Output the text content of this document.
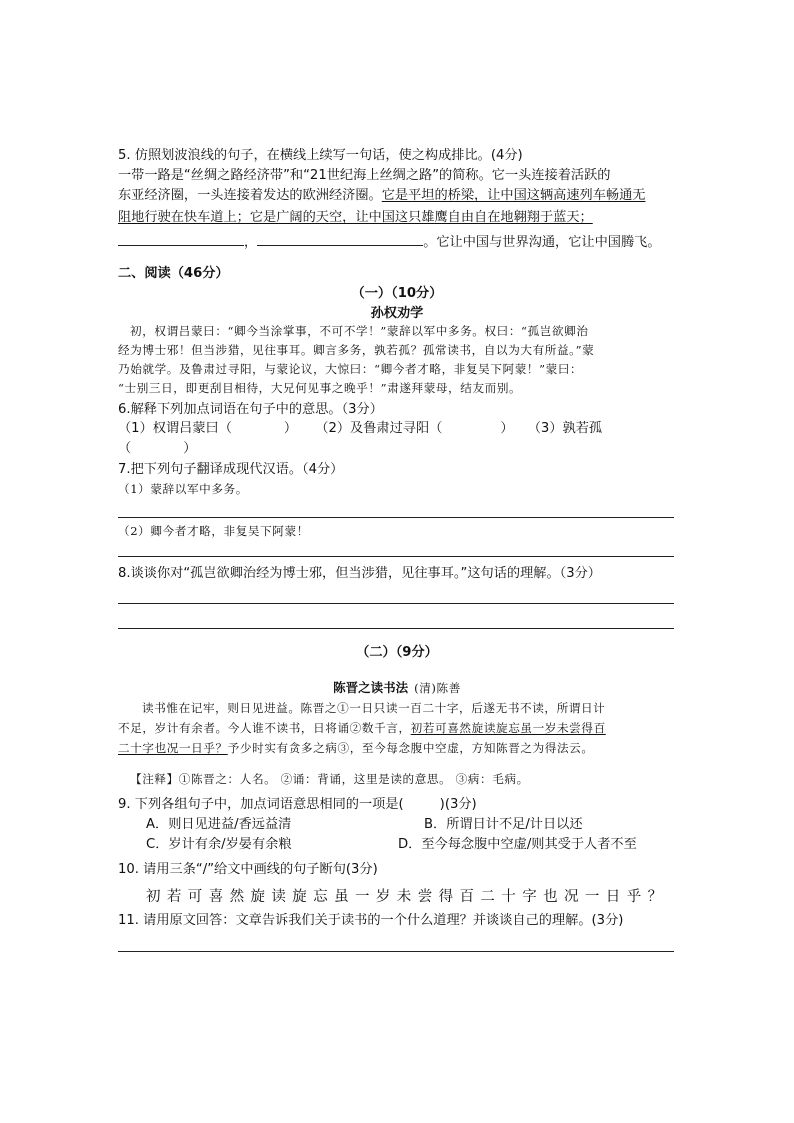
5. 仿照划波浪线的句子，在横线上续写一句话，使之构成排比。(4分)
一带一路是“丝绸之路经济带”和“21世纪海上丝绸之路”的简称。它一头连接着活跃的
东亚经济圈，一头连接着发达的欧洲经济圈。它是平坦的桥梁，让中国这辆高速列车畅通无
阻地行驶在快车道上；它是广阔的天空，让中国这只雄鹰自由自在地翱翔于蓝天；
，	。它让中国与世界沟通，它让中国腾飞。
二、阅读（46分）
（一）（10分）
孙权劝学
初，权谓吕蒙曰：“卿今当涂掌事，不可不学！”蒙辞以军中多务。权曰：“孤岂欲卿治
经为博士邪！但当涉猎，见往事耳。卿言多务，孰若孤？孤常读书，自以为大有所益。”蒙
乃始就学。及鲁肃过寻阳，与蒙论议，大惊曰：“卿今者才略，非复吴下阿蒙！”蒙曰：
“士别三日，即更刮目相待，大兄何见事之晚乎！”肃遂拜蒙母，结友而别。
6.解释下列加点词语在句子中的意思。（3分）
（1）权谓吕蒙曰（	） （2）及鲁肃过寻阳（	） （3）孰若孤
（	）
7.把下列句子翻译成现代汉语。（4分）
（1）蒙辞以军中多务。
（2）卿今者才略，非复吴下阿蒙！
8.谈谈你对“孤岂欲卿治经为博士邪，但当涉猎，见往事耳。”这句话的理解。（3分）
（二）（9分）
陈晋之读书法 (清)陈善
读书惟在记牢，则日见进益。陈晋之①一日只读一百二十字，后遂无书不读，所谓日计
不足，岁计有余者。今人谁不读书，日将诵②数千言，初若可喜然旋读旋忘虽一岁未尝得百
二十字也况一日乎？予少时实有贪多之病③，至今每念腹中空虚，方知陈晋之为得法云。
【注释】①陈晋之：人名。 ②诵：背诵，这里是读的意思。 ③病：毛病。
9. 下列各组句子中，加点词语意思相同的一项是(	)(3分)
A．则日见进益/香远益清	B．所谓日计不足/计日以还
C．岁计有余/岁晏有余粮	D．至今每念腹中空虚/则其受于人者不至
10. 请用三条“/”给文中画线的句子断句(3分)
初若可喜然旋读旋忘虽一岁未尝得百二十字也况一日乎？
11. 请用原文回答：文章告诉我们关于读书的一个什么道理？并谈谈自己的理解。(3分)
